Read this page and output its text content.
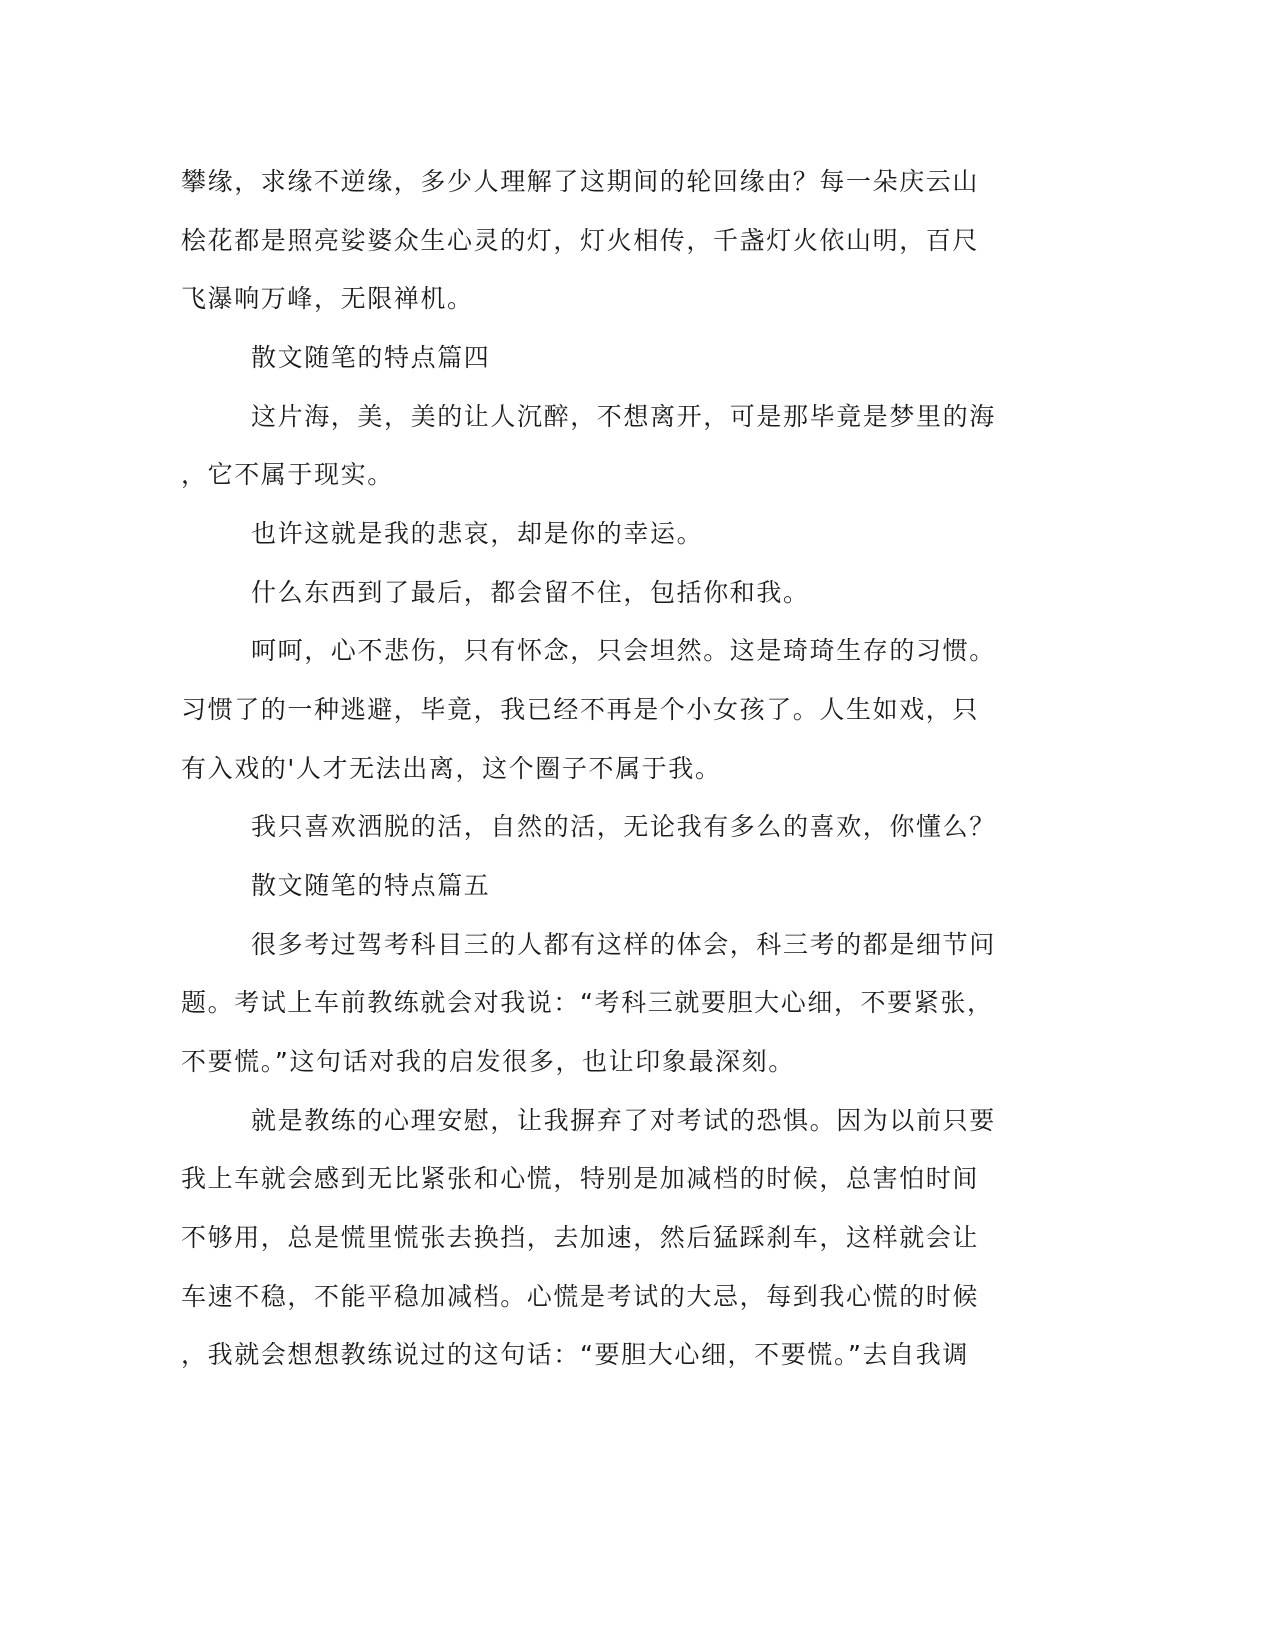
攀缘，求缘不逆缘，多少人理解了这期间的轮回缘由？每一朵庆云山
桧花都是照亮娑婆众生心灵的灯，灯火相传，千盏灯火依山明，百尺
飞瀑响万峰，无限禅机。
散文随笔的特点篇四
这片海，美，美的让人沉醉，不想离开，可是那毕竟是梦里的海
，它不属于现实。
也许这就是我的悲哀，却是你的幸运。
什么东西到了最后，都会留不住，包括你和我。
呵呵，心不悲伤，只有怀念，只会坦然。这是琦琦生存的习惯。
习惯了的一种逃避，毕竟，我已经不再是个小女孩了。人生如戏，只
有入戏的'人才无法出离，这个圈子不属于我。
我只喜欢洒脱的活，自然的活，无论我有多么的喜欢，你懂么？
散文随笔的特点篇五
很多考过驾考科目三的人都有这样的体会，科三考的都是细节问
题。考试上车前教练就会对我说：“考科三就要胆大心细，不要紧张，
不要慌。”这句话对我的启发很多，也让印象最深刻。
就是教练的心理安慰，让我摒弃了对考试的恐惧。因为以前只要
我上车就会感到无比紧张和心慌，特别是加减档的时候，总害怕时间
不够用，总是慌里慌张去换挡，去加速，然后猛踩刹车，这样就会让
车速不稳，不能平稳加减档。心慌是考试的大忌，每到我心慌的时候
，我就会想想教练说过的这句话：“要胆大心细，不要慌。”去自我调
